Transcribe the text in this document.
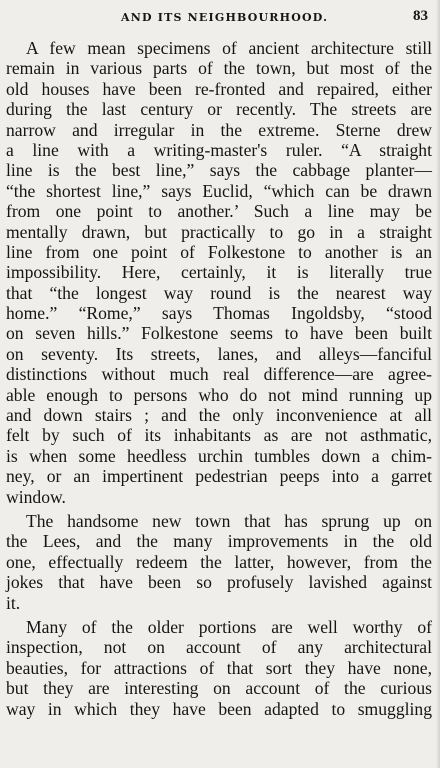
AND ITS NEIGHBOURHOOD.	83
A few mean specimens of ancient architecture still
remain in various parts of the town, but most of the
old houses have been re-fronted and repaired, either
during the last century or recently. The streets are
narrow and irregular in the extreme. Sterne drew
a line with a writing-master's ruler. “A straight
line is the best line,” says the cabbage planter—
“the shortest line,” says Euclid, “which can be drawn
from one point to another.’ Such a line may be
mentally drawn, but practically to go in a straight
line from one point of Folkestone to another is an
impossibility. Here, certainly, it is literally true
that “the longest way round is the nearest way
home.” “Rome,” says Thomas Ingoldsby, “stood
on seven hills.” Folkestone seems to have been built
on seventy. Its streets, lanes, and alleys—fanciful
distinctions without much real difference—are agree-
able enough to persons who do not mind running up
and down stairs ; and the only inconvenience at all
felt by such of its inhabitants as are not asthmatic,
is when some heedless urchin tumbles down a chim-
ney, or an impertinent pedestrian peeps into a garret
window.
The handsome new town that has sprung up on
the Lees, and the many improvements in the old
one, effectually redeem the latter, however, from the
jokes that have been so profusely lavished against
it.
Many of the older portions are well worthy of
inspection, not on account of any architectural
beauties, for attractions of that sort they have none,
but they are interesting on account of the curious
way in which they have been adapted to smuggling
